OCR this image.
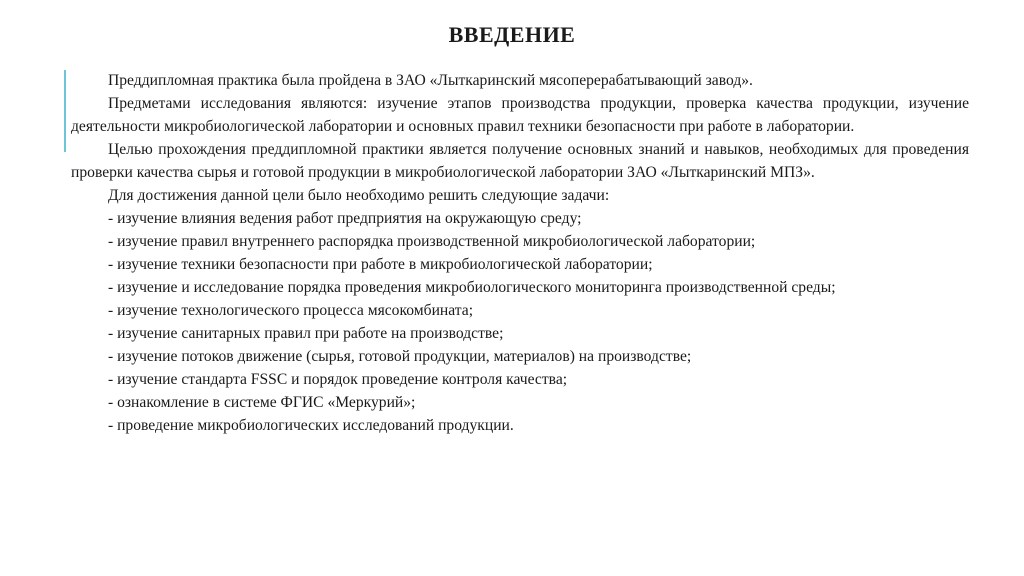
ВВЕДЕНИЕ

Преддипломная практика была пройдена в ЗАО «Лыткаринский мясоперерабатывающий завод».

Предметами исследования являются: изучение этапов производства продукции, проверка качества продукции, изучение деятельности микробиологической лаборатории и основных правил техники безопасности при работе в лаборатории.

Целью прохождения преддипломной практики является получение основных знаний и навыков, необходимых для проведения проверки качества сырья и готовой продукции в микробиологической лаборатории ЗАО «Лыткаринский МПЗ».

Для достижения данной цели было необходимо решить следующие задачи:

- изучение влияния ведения работ предприятия на окружающую среду;

- изучение правил внутреннего распорядка производственной микробиологической лаборатории;

- изучение техники безопасности при работе в микробиологической лаборатории;

- изучение и исследование порядка проведения микробиологического мониторинга производственной среды;

- изучение технологического процесса мясокомбината;

- изучение санитарных правил при работе на производстве;

- изучение потоков движение (сырья, готовой продукции, материалов) на производстве;

- изучение стандарта FSSC и порядок проведение контроля качества;

- ознакомление в системе ФГИС «Меркурий»;

- проведение микробиологических исследований продукции.
